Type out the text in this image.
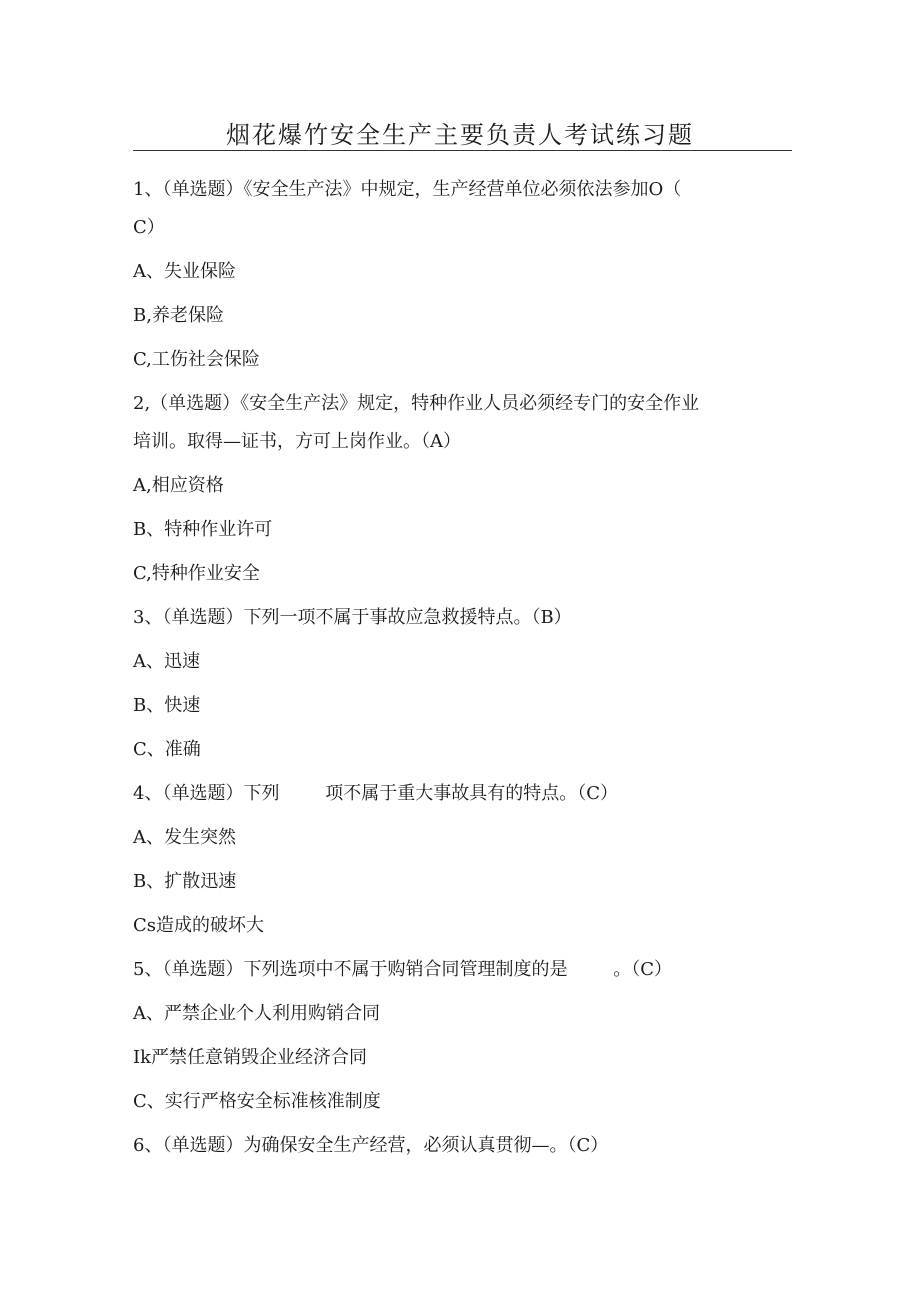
烟花爆竹安全生产主要负责人考试练习题
1、（单选题）《安全生产法》中规定，生产经营单位必须依法参加O（
C）
A、失业保险
B,养老保险
C,工伤社会保险
2,（单选题）《安全生产法》规定，特种作业人员必须经专门的安全作业
培训。取得—证书，方可上岗作业。（A）
A,相应资格
B、特种作业许可
C,特种作业安全
3、（单选题）下列一项不属于事故应急救援特点。（B）
A、迅速
B、快速
C、准确
4、（单选题）下列        项不属于重大事故具有的特点。（C）
A、发生突然
B、扩散迅速
Cs造成的破坏大
5、（单选题）下列选项中不属于购销合同管理制度的是        。（C）
A、严禁企业个人利用购销合同
Ik严禁任意销毁企业经济合同
C、实行严格安全标准核准制度
6、（单选题）为确保安全生产经营，必须认真贯彻—。（C）
